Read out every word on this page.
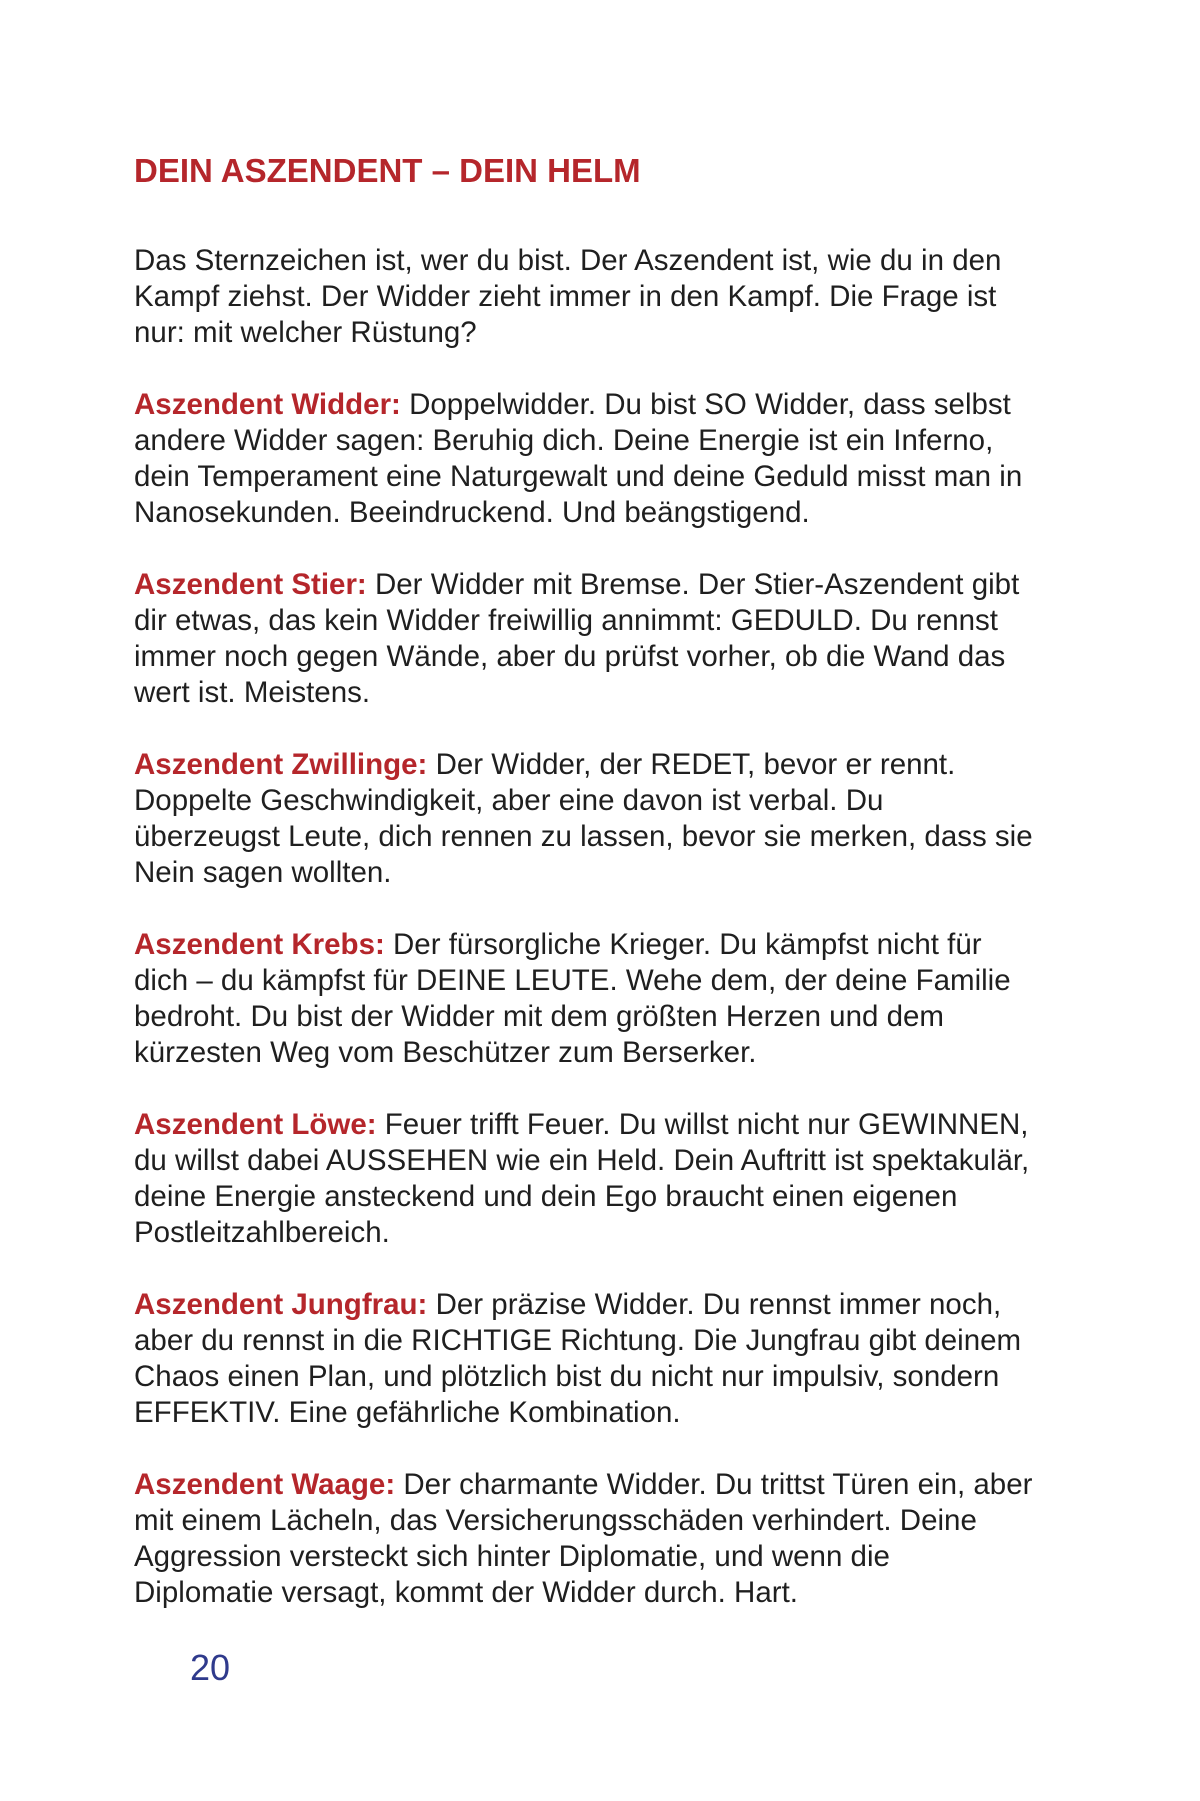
DEIN ASZENDENT – DEIN HELM

Das Sternzeichen ist, wer du bist. Der Aszendent ist, wie du in den Kampf ziehst. Der Widder zieht immer in den Kampf. Die Frage ist nur: mit welcher Rüstung?

Aszendent Widder: Doppelwidder. Du bist SO Widder, dass selbst andere Widder sagen: Beruhig dich. Deine Energie ist ein Inferno, dein Temperament eine Naturgewalt und deine Geduld misst man in Nanosekunden. Beeindruckend. Und beängstigend.

Aszendent Stier: Der Widder mit Bremse. Der Stier-Aszendent gibt dir etwas, das kein Widder freiwillig annimmt: GEDULD. Du rennst immer noch gegen Wände, aber du prüfst vorher, ob die Wand das wert ist. Meistens.

Aszendent Zwillinge: Der Widder, der REDET, bevor er rennt. Doppelte Geschwindigkeit, aber eine davon ist verbal. Du überzeugst Leute, dich rennen zu lassen, bevor sie merken, dass sie Nein sagen wollten.

Aszendent Krebs: Der fürsorgliche Krieger. Du kämpfst nicht für dich – du kämpfst für DEINE LEUTE. Wehe dem, der deine Familie bedroht. Du bist der Widder mit dem größten Herzen und dem kürzesten Weg vom Beschützer zum Berserker.

Aszendent Löwe: Feuer trifft Feuer. Du willst nicht nur GEWINNEN, du willst dabei AUSSEHEN wie ein Held. Dein Auftritt ist spektakulär, deine Energie ansteckend und dein Ego braucht einen eigenen Postleitzahlbereich.

Aszendent Jungfrau: Der präzise Widder. Du rennst immer noch, aber du rennst in die RICHTIGE Richtung. Die Jungfrau gibt deinem Chaos einen Plan, und plötzlich bist du nicht nur impulsiv, sondern EFFEKTIV. Eine gefährliche Kombination.

Aszendent Waage: Der charmante Widder. Du trittst Türen ein, aber mit einem Lächeln, das Versicherungsschäden verhindert. Deine Aggression versteckt sich hinter Diplomatie, und wenn die Diplomatie versagt, kommt der Widder durch. Hart.

20
